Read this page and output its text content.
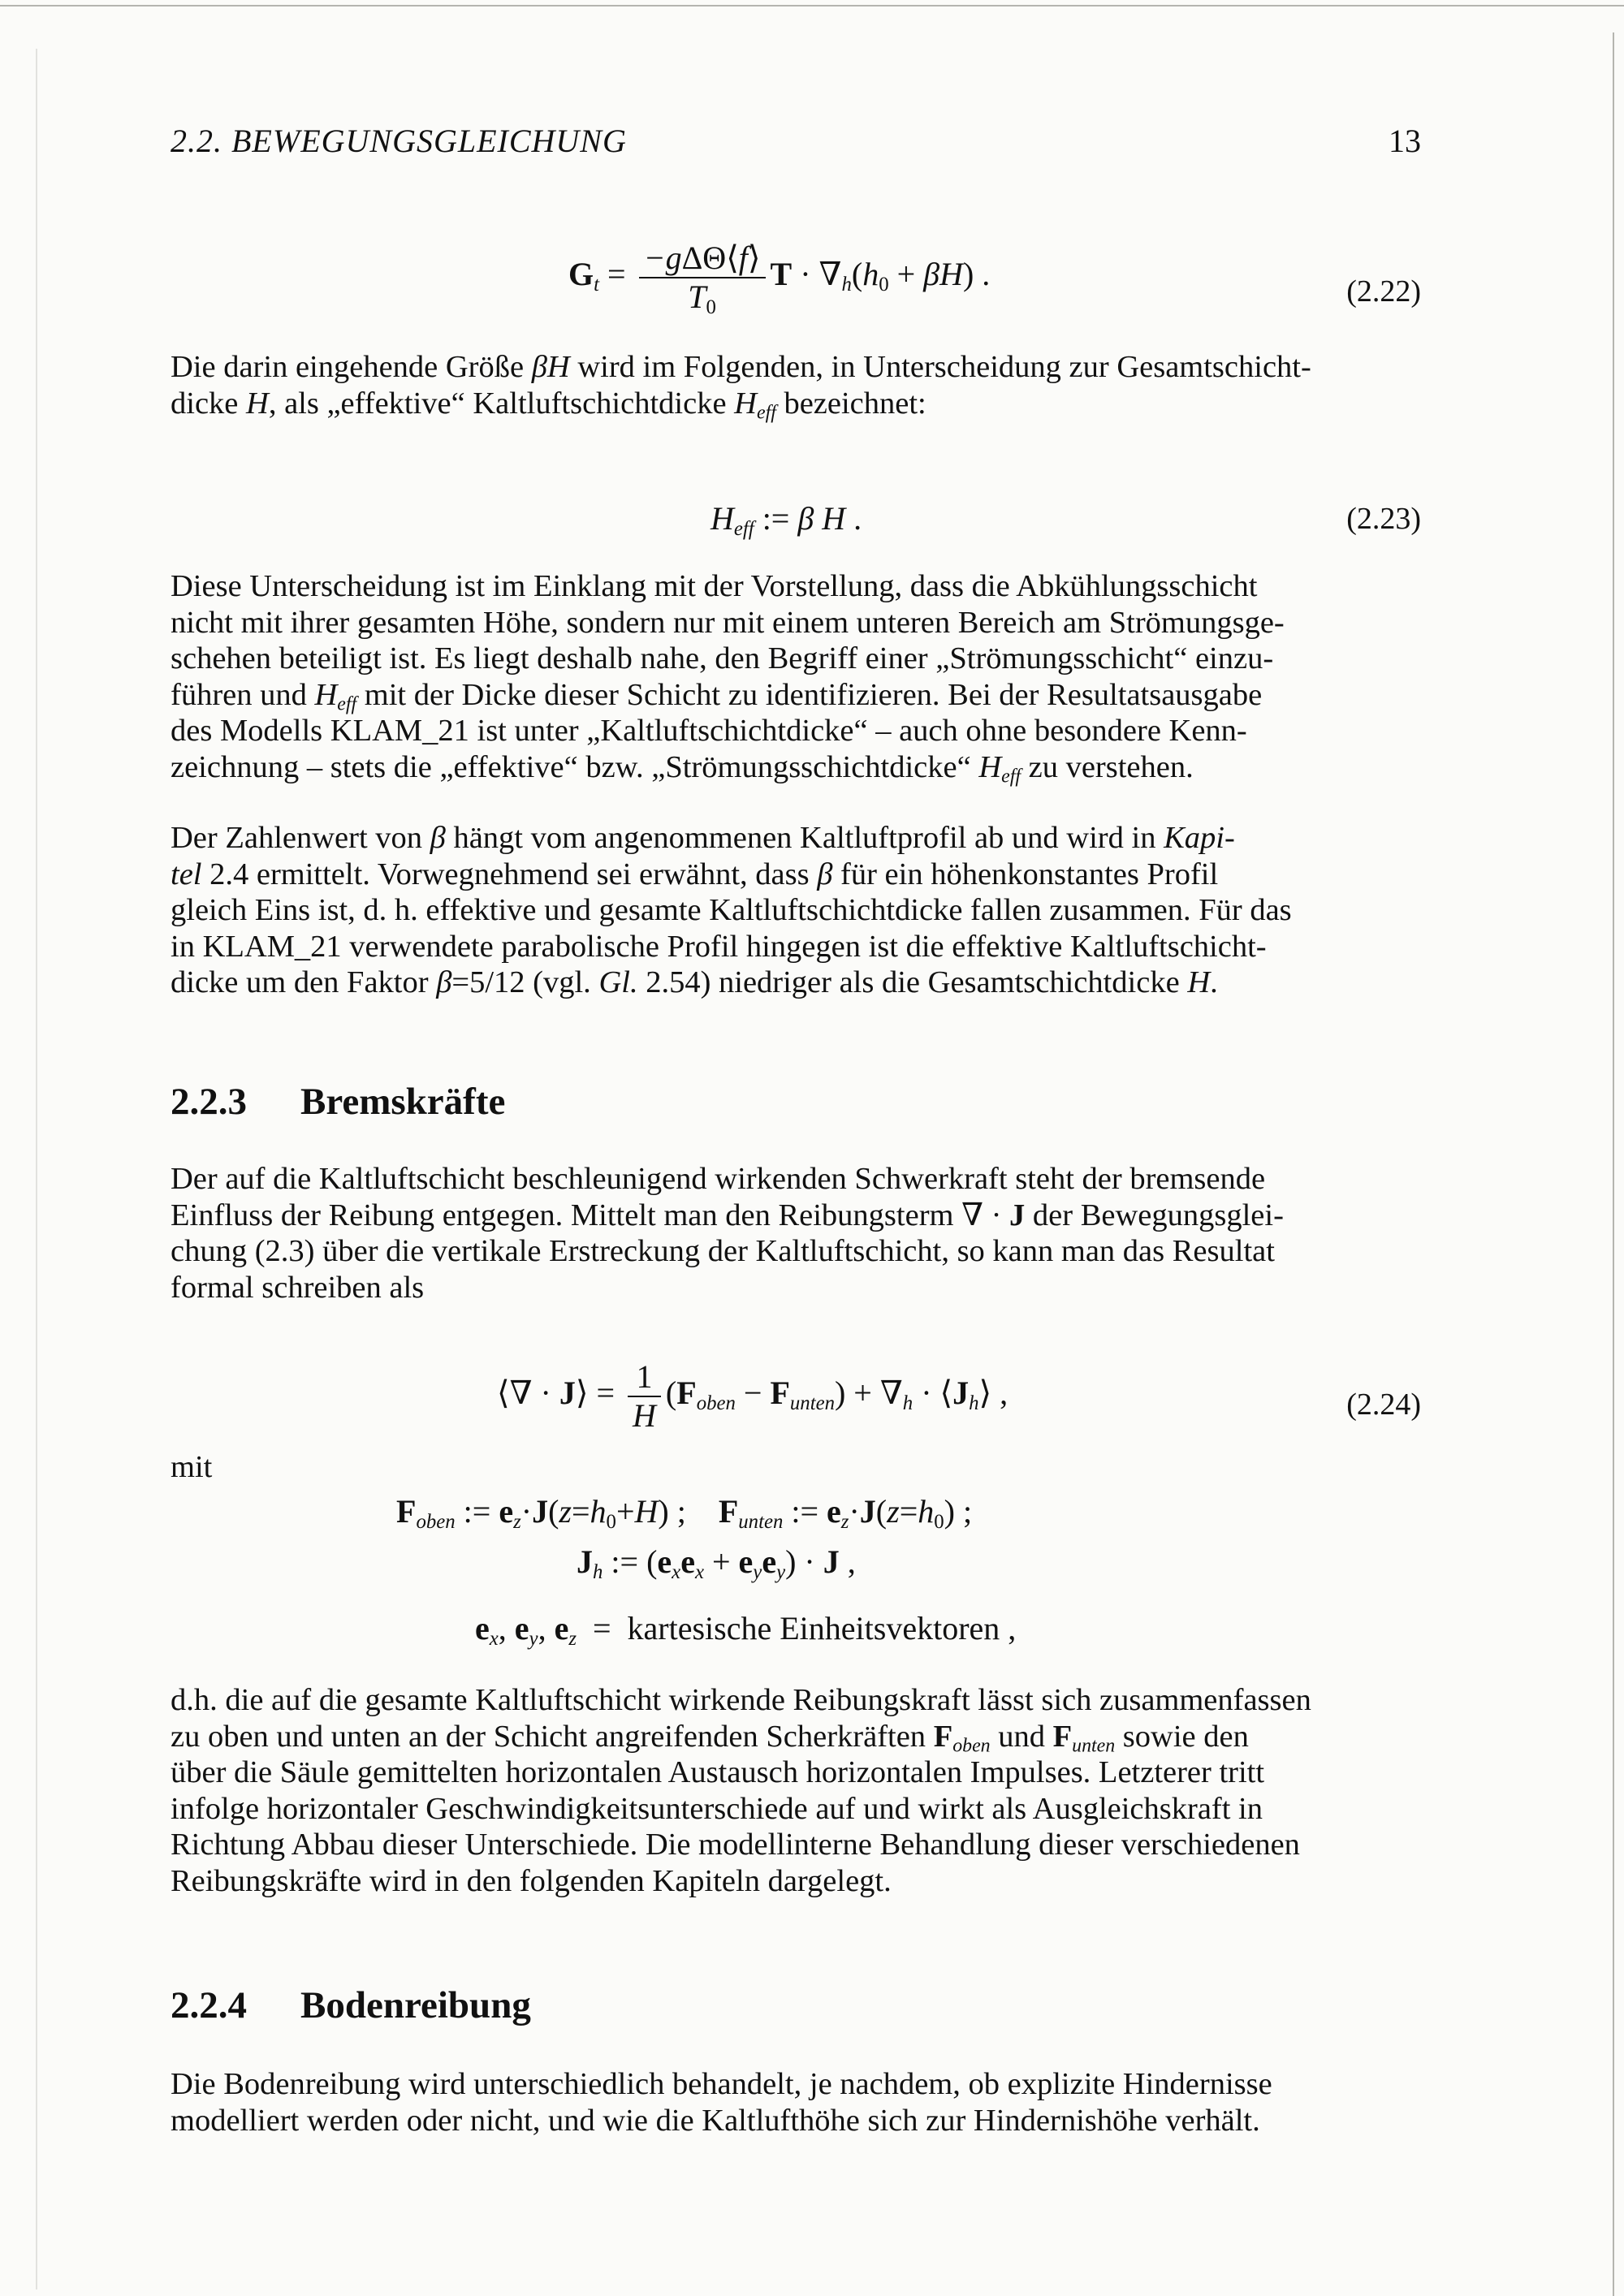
2.2. BEWEGUNGSGLEICHUNG	13
$G_t = \frac{\text{−gΔΘ⟨f⟩}}{T_0}$ $T \cdot \nabla_h(h_0 + \beta H)$ .	(2.22)

Die darin eingehende Größe βH wird im Folgenden, in Unterscheidung zur Gesamtschicht-
dicke H, als „effektive“ Kaltluftschichtdicke $H_{eff}$ bezeichnet:

$H_{eff}$ := β H .	(2.23)

Diese Unterscheidung ist im Einklang mit der Vorstellung, dass die Abkühlungsschicht
nicht mit ihrer gesamten Höhe, sondern nur mit einem unteren Bereich am Strömungsge-
schehen beteiligt ist. Es liegt deshalb nahe, den Begriff einer „Strömungsschicht“ einzu-
führen und $H_{eff}$ mit der Dicke dieser Schicht zu identifizieren. Bei der Resultatsausgabe
des Modells KLAM_21 ist unter „Kaltluftschichtdicke“ – auch ohne besondere Kenn-
zeichnung – stets die „effektive“ bzw. „Strömungsschichtdicke“ $H_{eff}$ zu verstehen.

Der Zahlenwert von β hängt vom angenommenen Kaltluftprofil ab und wird in Kapi-
tel 2.4 ermittelt. Vorwegnehmend sei erwähnt, dass β für ein höhenkonstantes Profil
gleich Eins ist, d. h. effektive und gesamte Kaltluftschichtdicke fallen zusammen. Für das
in KLAM_21 verwendete parabolische Profil hingegen ist die effektive Kaltluftschicht-
dicke um den Faktor β=5/12 (vgl. Gl. 2.54) niedriger als die Gesamtschichtdicke H.

2.2.3 Bremskräfte

Der auf die Kaltluftschicht beschleunigend wirkenden Schwerkraft steht der bremsende
Einfluss der Reibung entgegen. Mittelt man den Reibungsterm ∇ · J der Bewegungsglei-
chung (2.3) über die vertikale Erstreckung der Kaltluftschicht, so kann man das Resultat
formal schreiben als

⟨∇ · J⟩ = $\frac{1}{H} (F_{oben} - F_{unten}) + \nabla_h$ · $⟨J_h⟩$ ,	(2.24)
mit
$F_{oben}$ := $e_z\cdot J(z=h_0+H)$ ;    $F_{unten}$ := $e_z\cdot J(z=h_0)$ ;
$J_h$ := $(e_xe_x + e_ye_y) \cdot J$ ,
$e_x$, $e_y$, $e_z$  =  kartesische Einheitsvektoren ,

d.h. die auf die gesamte Kaltluftschicht wirkende Reibungskraft lässt sich zusammenfassen
zu oben und unten an der Schicht angreifenden Scherkräften $F_{oben}$ und $F_{unten}$ sowie den
über die Säule gemittelten horizontalen Austausch horizontalen Impulses. Letzterer tritt
infolge horizontaler Geschwindigkeitsunterschiede auf und wirkt als Ausgleichskraft in
Richtung Abbau dieser Unterschiede. Die modellinterne Behandlung dieser verschiedenen
Reibungskräfte wird in den folgenden Kapiteln dargelegt.

2.2.4 Bodenreibung

Die Bodenreibung wird unterschiedlich behandelt, je nachdem, ob explizite Hindernisse
modelliert werden oder nicht, und wie die Kaltlufthöhe sich zur Hindernishöhe verhält.
